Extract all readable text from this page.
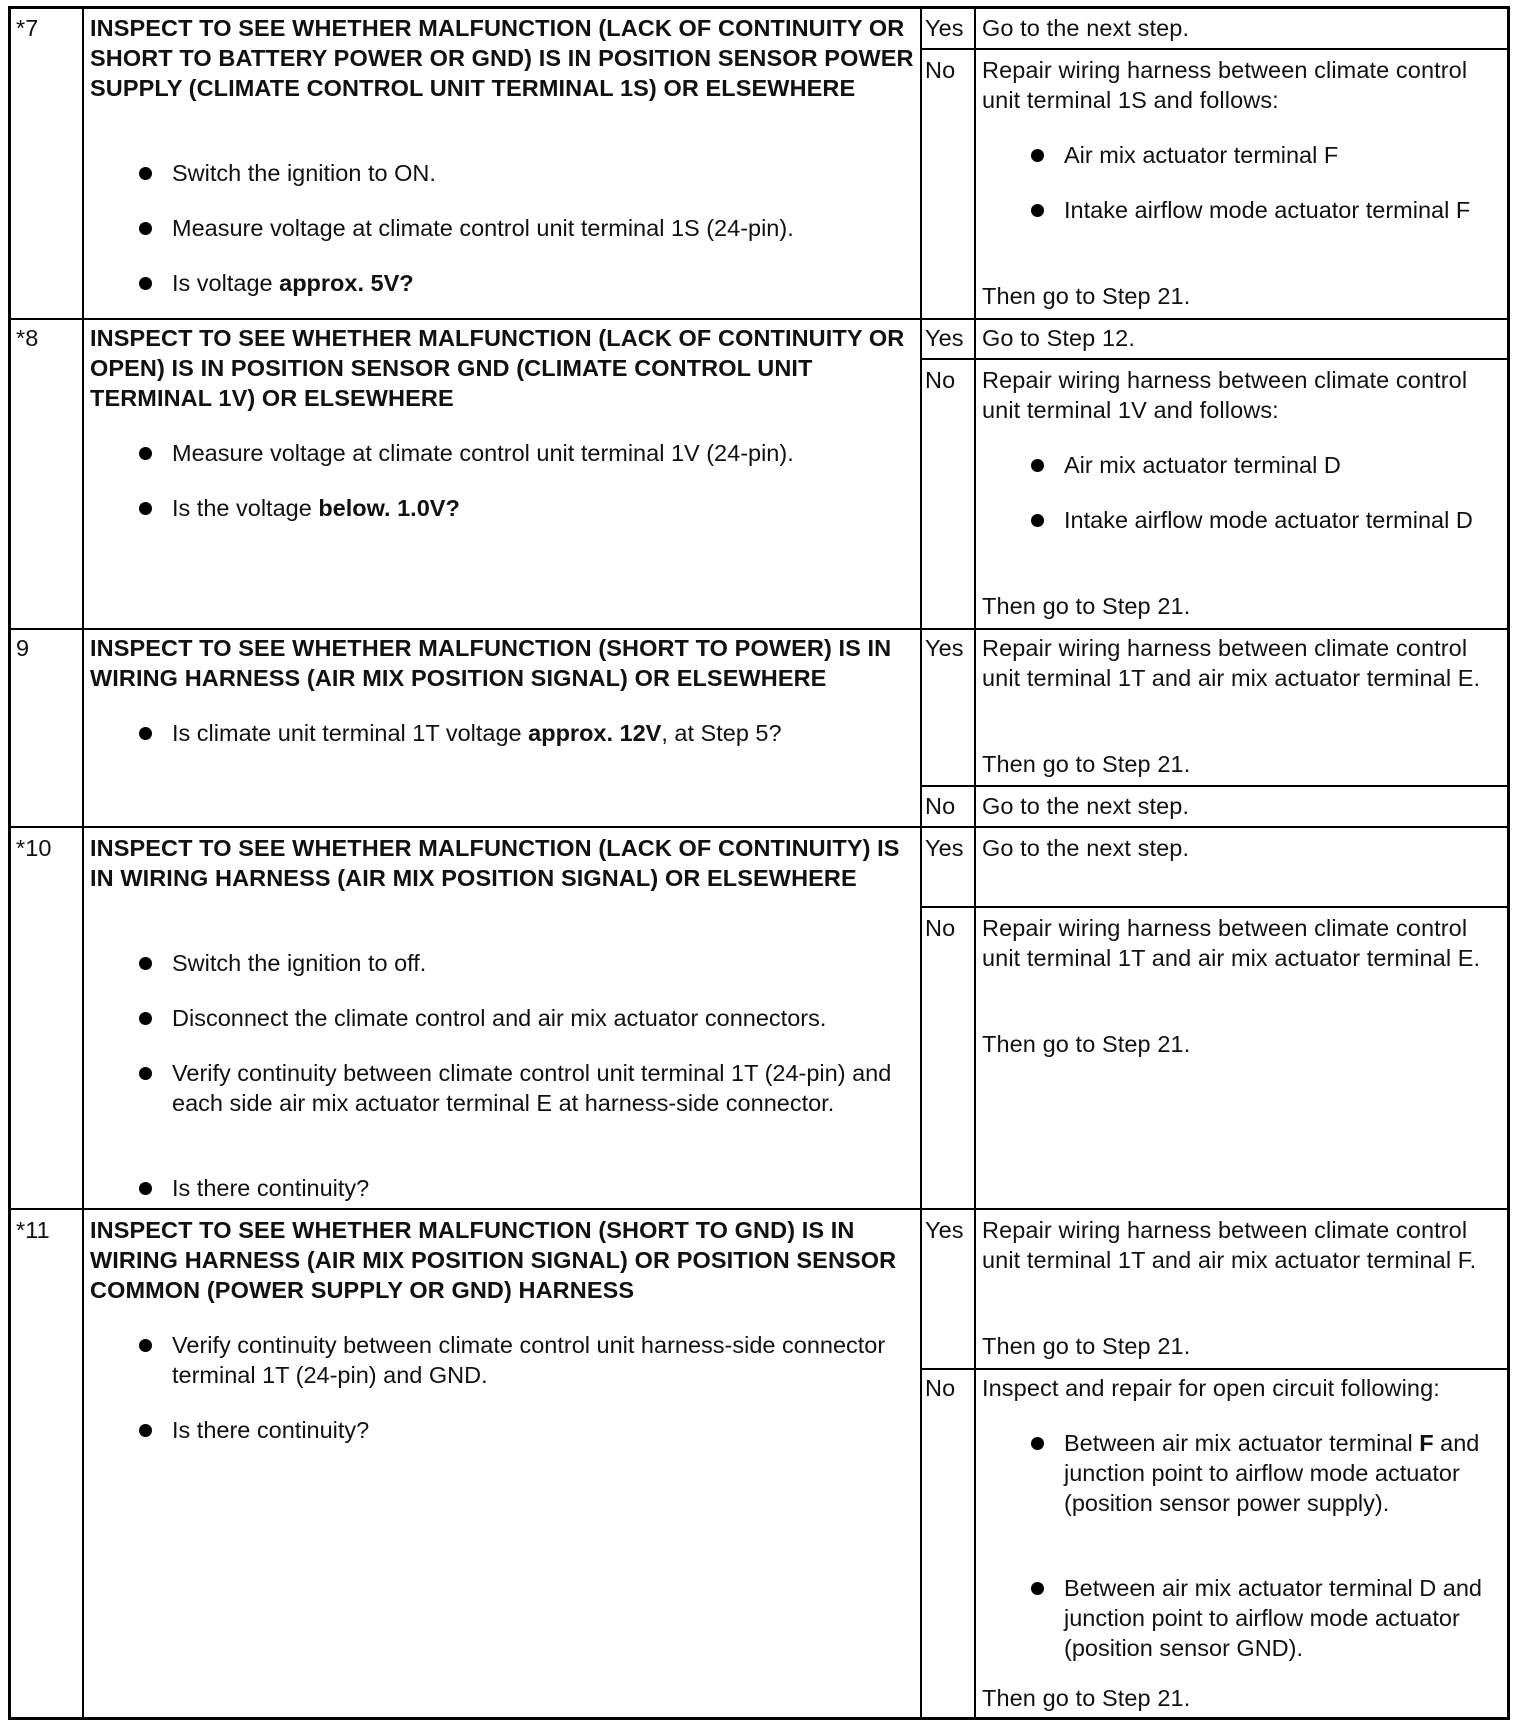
*7 INSPECT TO SEE WHETHER MALFUNCTION (LACK OF CONTINUITY OR SHORT TO BATTERY POWER OR GND) IS IN POSITION SENSOR POWER SUPPLY (CLIMATE CONTROL UNIT TERMINAL 1S) OR ELSEWHERE
Switch the ignition to ON.
Measure voltage at climate control unit terminal 1S (24-pin).
Is voltage approx. 5V?
Yes Go to the next step.
No Repair wiring harness between climate control unit terminal 1S and follows:
Air mix actuator terminal F
Intake airflow mode actuator terminal F
Then go to Step 21.
*8 INSPECT TO SEE WHETHER MALFUNCTION (LACK OF CONTINUITY OR OPEN) IS IN POSITION SENSOR GND (CLIMATE CONTROL UNIT TERMINAL 1V) OR ELSEWHERE
Measure voltage at climate control unit terminal 1V (24-pin).
Is the voltage below. 1.0V?
Yes Go to Step 12.
No Repair wiring harness between climate control unit terminal 1V and follows:
Air mix actuator terminal D
Intake airflow mode actuator terminal D
Then go to Step 21.
9	INSPECT TO SEE WHETHER MALFUNCTION (SHORT TO POWER) IS IN WIRING HARNESS (AIR MIX POSITION SIGNAL) OR ELSEWHERE
Is climate unit terminal 1T voltage approx. 12V, at Step 5?
Yes Repair wiring harness between climate control unit terminal 1T and air mix actuator terminal E.
Then go to Step 21.
No Go to the next step.
*10 INSPECT TO SEE WHETHER MALFUNCTION (LACK OF CONTINUITY) IS IN WIRING HARNESS (AIR MIX POSITION SIGNAL) OR ELSEWHERE
Switch the ignition to off.
Disconnect the climate control and air mix actuator connectors.
Verify continuity between climate control unit terminal 1T (24-pin) and each side air mix actuator terminal E at harness-side connector.
Is there continuity?
Yes Go to the next step.
No Repair wiring harness between climate control unit terminal 1T and air mix actuator terminal E.
Then go to Step 21.
*11 INSPECT TO SEE WHETHER MALFUNCTION (SHORT TO GND) IS IN WIRING HARNESS (AIR MIX POSITION SIGNAL) OR POSITION SENSOR COMMON (POWER SUPPLY OR GND) HARNESS
Verify continuity between climate control unit harness-side connector terminal 1T (24-pin) and GND.
Is there continuity?
Yes Repair wiring harness between climate control unit terminal 1T and air mix actuator terminal F.
Then go to Step 21.
No Inspect and repair for open circuit following:
Between air mix actuator terminal F and junction point to airflow mode actuator (position sensor power supply).
Between air mix actuator terminal D and junction point to airflow mode actuator (position sensor GND).
Then go to Step 21.
